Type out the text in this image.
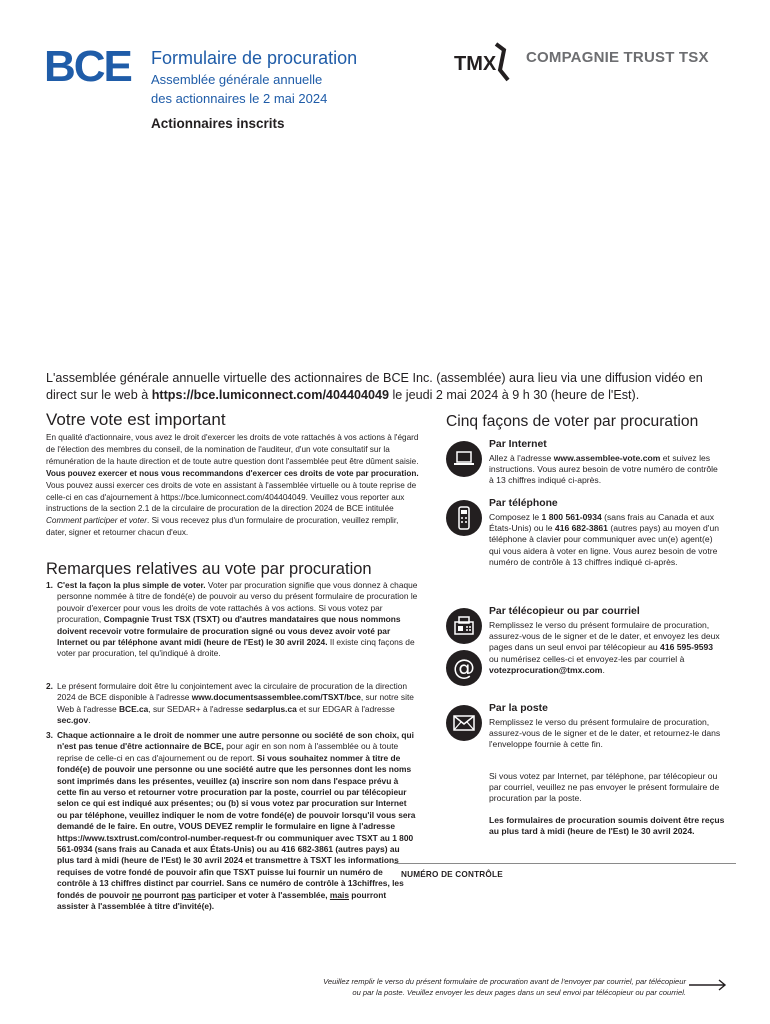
BCE Formulaire de procuration
Assemblée générale annuelle
des actionnaires le 2 mai 2024
Actionnaires inscrits
TMX COMPAGNIE TRUST TSX
L'assemblée générale annuelle virtuelle des actionnaires de BCE Inc. (assemblée) aura lieu via une diffusion vidéo en direct sur le web à https://bce.lumiconnect.com/404404049 le jeudi 2 mai 2024 à 9 h 30 (heure de l'Est).
Votre vote est important
En qualité d'actionnaire, vous avez le droit d'exercer les droits de vote rattachés à vos actions à l'égard de l'élection des membres du conseil, de la nomination de l'auditeur, d'un vote consultatif sur la rémunération de la haute direction et de toute autre question dont l'assemblée peut être dûment saisie. Vous pouvez exercer et nous vous recommandons d'exercer ces droits de vote par procuration. Vous pouvez aussi exercer ces droits de vote en assistant à l'assemblée virtuelle ou à toute reprise de celle-ci en cas d'ajournement à https://bce.lumiconnect.com/404404049. Veuillez vous reporter aux instructions de la section 2.1 de la circulaire de procuration de la direction 2024 de BCE intitulée Comment participer et voter. Si vous recevez plus d'un formulaire de procuration, veuillez remplir, dater, signer et retourner chacun d'eux.
Remarques relatives au vote par procuration
1. C'est la façon la plus simple de voter. Voter par procuration signifie que vous donnez à chaque personne nommée à titre de fondé(e) de pouvoir au verso du présent formulaire de procuration le pouvoir d'exercer pour vous les droits de vote rattachés à vos actions. Si vous votez par procuration, Compagnie Trust TSX (TSXT) ou d'autres mandataires que nous nommons doivent recevoir votre formulaire de procuration signé ou vous devez avoir voté par Internet ou par téléphone avant midi (heure de l'Est) le 30 avril 2024. Il existe cinq façons de voter par procuration, tel qu'indiqué à droite.
2. Le présent formulaire doit être lu conjointement avec la circulaire de procuration de la direction 2024 de BCE disponible à l'adresse www.documentsassemblee.com/TSXT/bce, sur notre site Web à l'adresse BCE.ca, sur SEDAR+ à l'adresse sedarplus.ca et sur EDGAR à l'adresse sec.gov.
3. Chaque actionnaire a le droit de nommer une autre personne ou société de son choix, qui n'est pas tenue d'être actionnaire de BCE, pour agir en son nom à l'assemblée ou à toute reprise de celle-ci en cas d'ajournement ou de report. Si vous souhaitez nommer à titre de fondé(e) de pouvoir une personne ou une société autre que les personnes dont les noms sont imprimés dans les présentes, veuillez (a) inscrire son nom dans l'espace prévu à cette fin au verso et retourner votre procuration par la poste, courriel ou par télécopieur selon ce qui est indiqué aux présentes; ou (b) si vous votez par procuration sur Internet ou par téléphone, veuillez indiquer le nom de votre fondé(e) de pouvoir lorsqu'il vous sera demandé de le faire. En outre, VOUS DEVEZ remplir le formulaire en ligne à l'adresse https://www.tsxtrust.com/control-number-request-fr ou communiquer avec TSXT au 1 800 561-0934 (sans frais au Canada et aux États-Unis) ou au 416 682-3861 (autres pays) au plus tard à midi (heure de l'Est) le 30 avril 2024 et transmettre à TSXT les informations requises de votre fondé de pouvoir afin que TSXT puisse lui fournir un numéro de contrôle à 13 chiffres distinct par courriel. Sans ce numéro de contrôle à 13chiffres, les fondés de pouvoir ne pourront pas participer et voter à l'assemblée, mais pourront assister à l'assemblée à titre d'invité(e).
Cinq façons de voter par procuration
Par Internet
Allez à l'adresse www.assemblee-vote.com et suivez les instructions. Vous aurez besoin de votre numéro de contrôle à 13 chiffres indiqué ci-après.
Par téléphone
Composez le 1 800 561-0934 (sans frais au Canada et aux États-Unis) ou le 416 682-3861 (autres pays) au moyen d'un téléphone à clavier pour communiquer avec un(e) agent(e) qui vous aidera à voter en ligne. Vous aurez besoin de votre numéro de contrôle à 13 chiffres indiqué ci-après.
@
Par télécopieur ou par courriel
Remplissez le verso du présent formulaire de procuration, assurez-vous de le signer et de le dater, et envoyez les deux pages dans un seul envoi par télécopieur au 416 595-9593 ou numérisez celles-ci et envoyez-les par courriel à votezprocuration@tmx.com.
Par la poste
Remplissez le verso du présent formulaire de procuration, assurez-vous de le signer et de le dater, et retournez-le dans l'enveloppe fournie à cette fin.
Si vous votez par Internet, par téléphone, par télécopieur ou par courriel, veuillez ne pas envoyer le présent formulaire de procuration par la poste.
Les formulaires de procuration soumis doivent être reçus au plus tard à midi (heure de l'Est) le 30 avril 2024.
NUMÉRO DE CONTRÔLE
Veuillez remplir le verso du présent formulaire de procuration avant de l'envoyer par courriel, par télécopieur
ou par la poste. Veuillez envoyer les deux pages dans un seul envoi par télécopieur ou par courriel.
